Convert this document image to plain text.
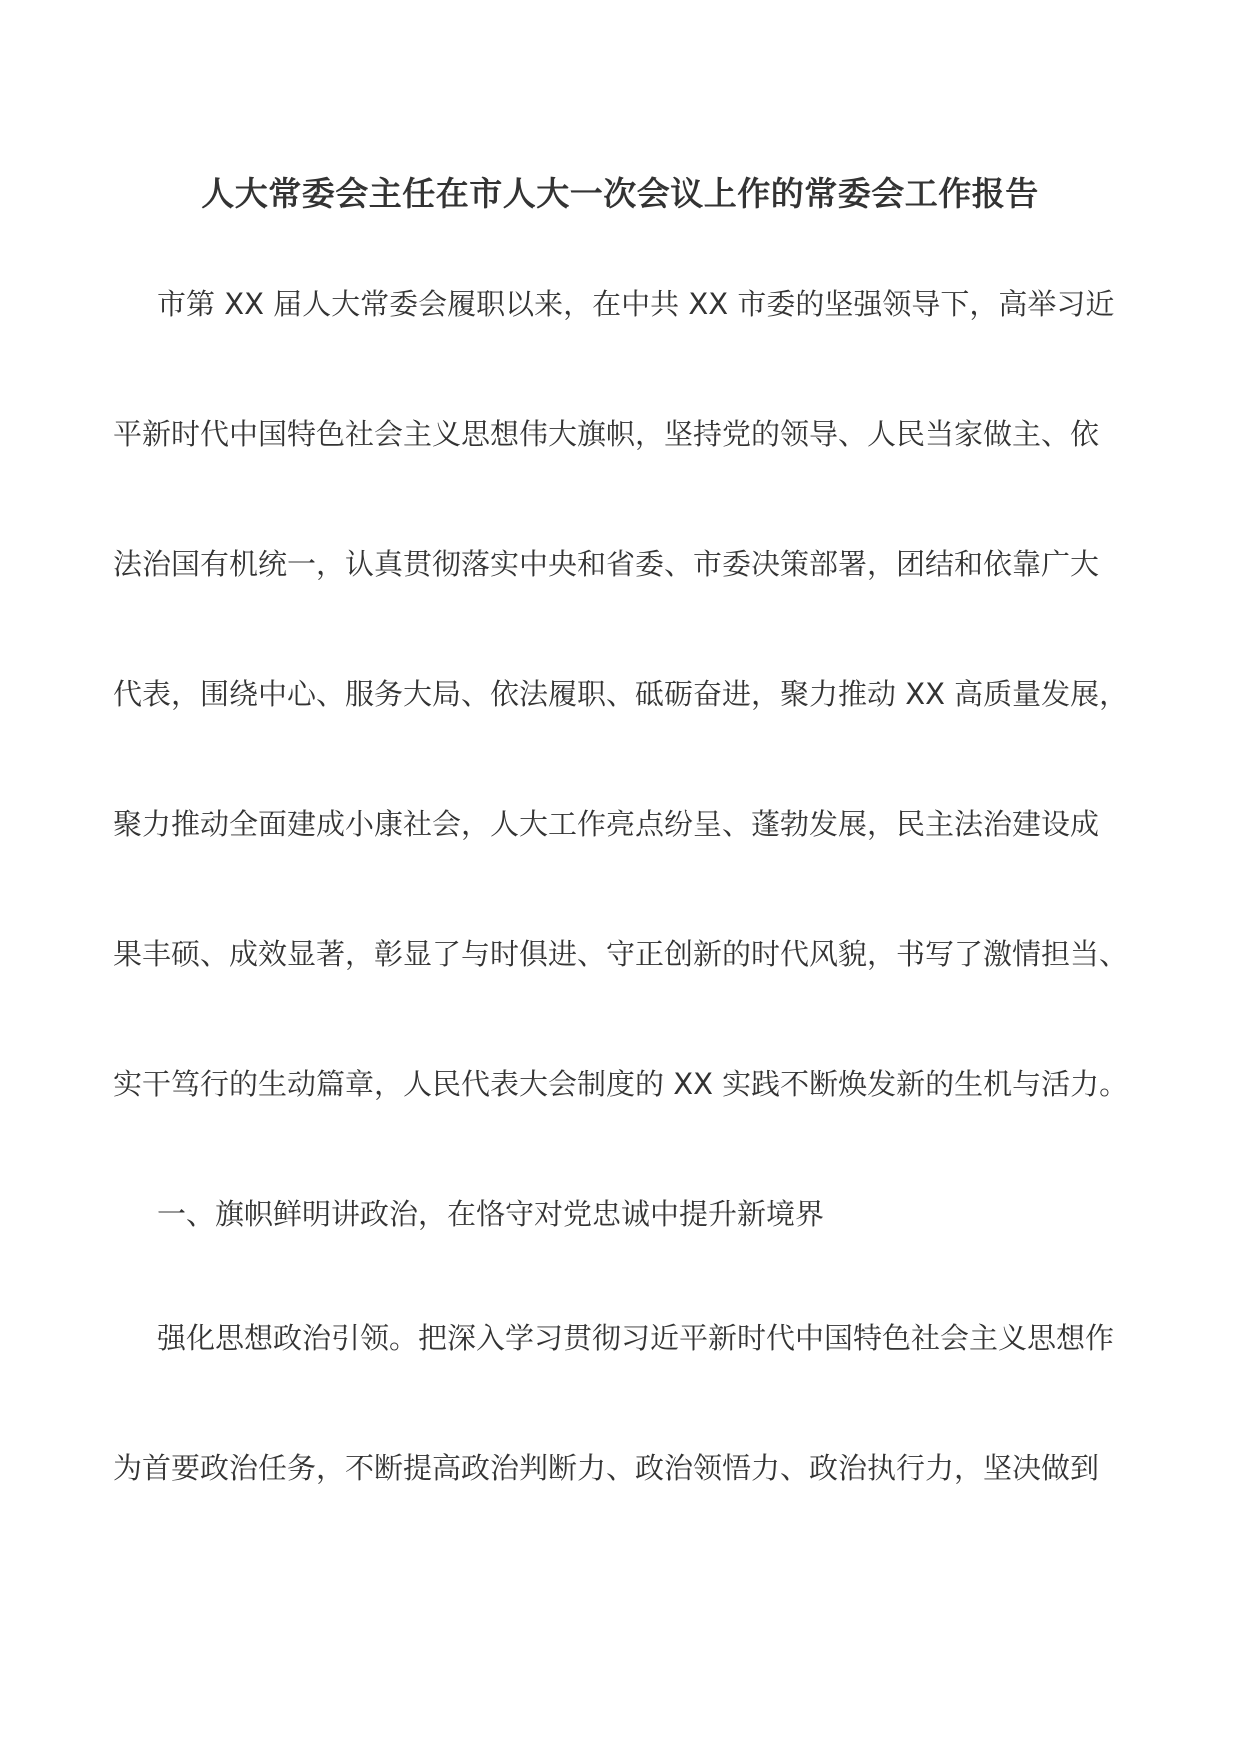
人大常委会主任在市人大一次会议上作的常委会工作报告
市第 XX 届人大常委会履职以来，在中共 XX 市委的坚强领导下，高举习近
平新时代中国特色社会主义思想伟大旗帜，坚持党的领导、人民当家做主、依
法治国有机统一，认真贯彻落实中央和省委、市委决策部署，团结和依靠广大
代表，围绕中心、服务大局、依法履职、砥砺奋进，聚力推动 XX 高质量发展，
聚力推动全面建成小康社会，人大工作亮点纷呈、蓬勃发展，民主法治建设成
果丰硕、成效显著，彰显了与时俱进、守正创新的时代风貌，书写了激情担当、
实干笃行的生动篇章，人民代表大会制度的 XX 实践不断焕发新的生机与活力。
一、旗帜鲜明讲政治，在恪守对党忠诚中提升新境界
强化思想政治引领。把深入学习贯彻习近平新时代中国特色社会主义思想作
为首要政治任务，不断提高政治判断力、政治领悟力、政治执行力，坚决做到
